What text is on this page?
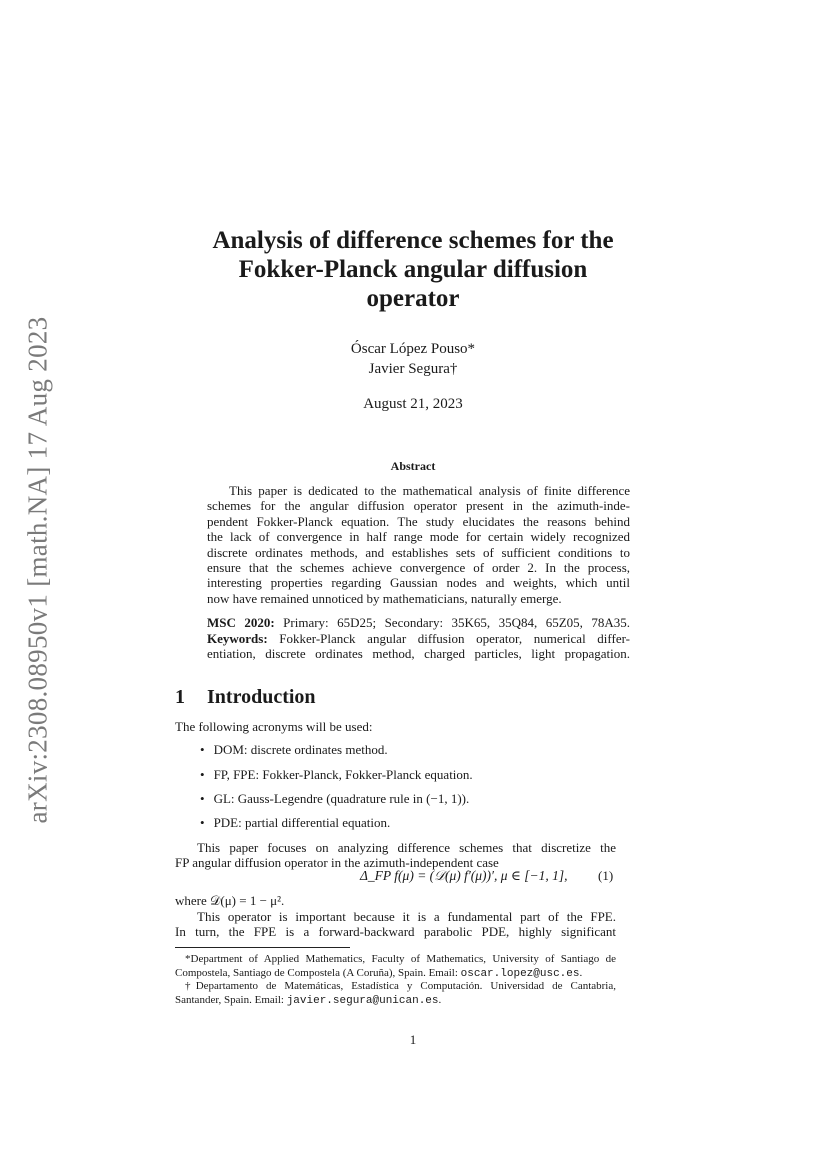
arXiv:2308.08950v1 [math.NA] 17 Aug 2023
Analysis of difference schemes for the
Fokker-Planck angular diffusion
operator
Óscar López Pouso*
Javier Segura†
August 21, 2023
Abstract
This paper is dedicated to the mathematical analysis of finite difference
schemes for the angular diffusion operator present in the azimuth-inde-
pendent Fokker-Planck equation. The study elucidates the reasons behind
the lack of convergence in half range mode for certain widely recognized
discrete ordinates methods, and establishes sets of sufficient conditions to
ensure that the schemes achieve convergence of order 2. In the process,
interesting properties regarding Gaussian nodes and weights, which until
now have remained unnoticed by mathematicians, naturally emerge.
MSC 2020: Primary: 65D25; Secondary: 35K65, 35Q84, 65Z05, 78A35.
Keywords: Fokker-Planck angular diffusion operator, numerical differ-
entiation, discrete ordinates method, charged particles, light propagation.
1 Introduction
The following acronyms will be used:
• DOM: discrete ordinates method.
• FP, FPE: Fokker-Planck, Fokker-Planck equation.
• GL: Gauss-Legendre (quadrature rule in (−1, 1)).
• PDE: partial differential equation.
This paper focuses on analyzing difference schemes that discretize the
FP angular diffusion operator in the azimuth-independent case
Δ_FP f(μ) = (𝒟(μ) f′(μ))′, μ ∈ [−1, 1], (1)
where 𝒟(μ) = 1 − μ².
This operator is important because it is a fundamental part of the FPE.
In turn, the FPE is a forward-backward parabolic PDE, highly significant
*Department of Applied Mathematics, Faculty of Mathematics, University of Santiago de
Compostela, Santiago de Compostela (A Coruña), Spain. Email: oscar.lopez@usc.es.
†Departamento de Matemáticas, Estadística y Computación. Universidad de Cantabria,
Santander, Spain. Email: javier.segura@unican.es.
1
